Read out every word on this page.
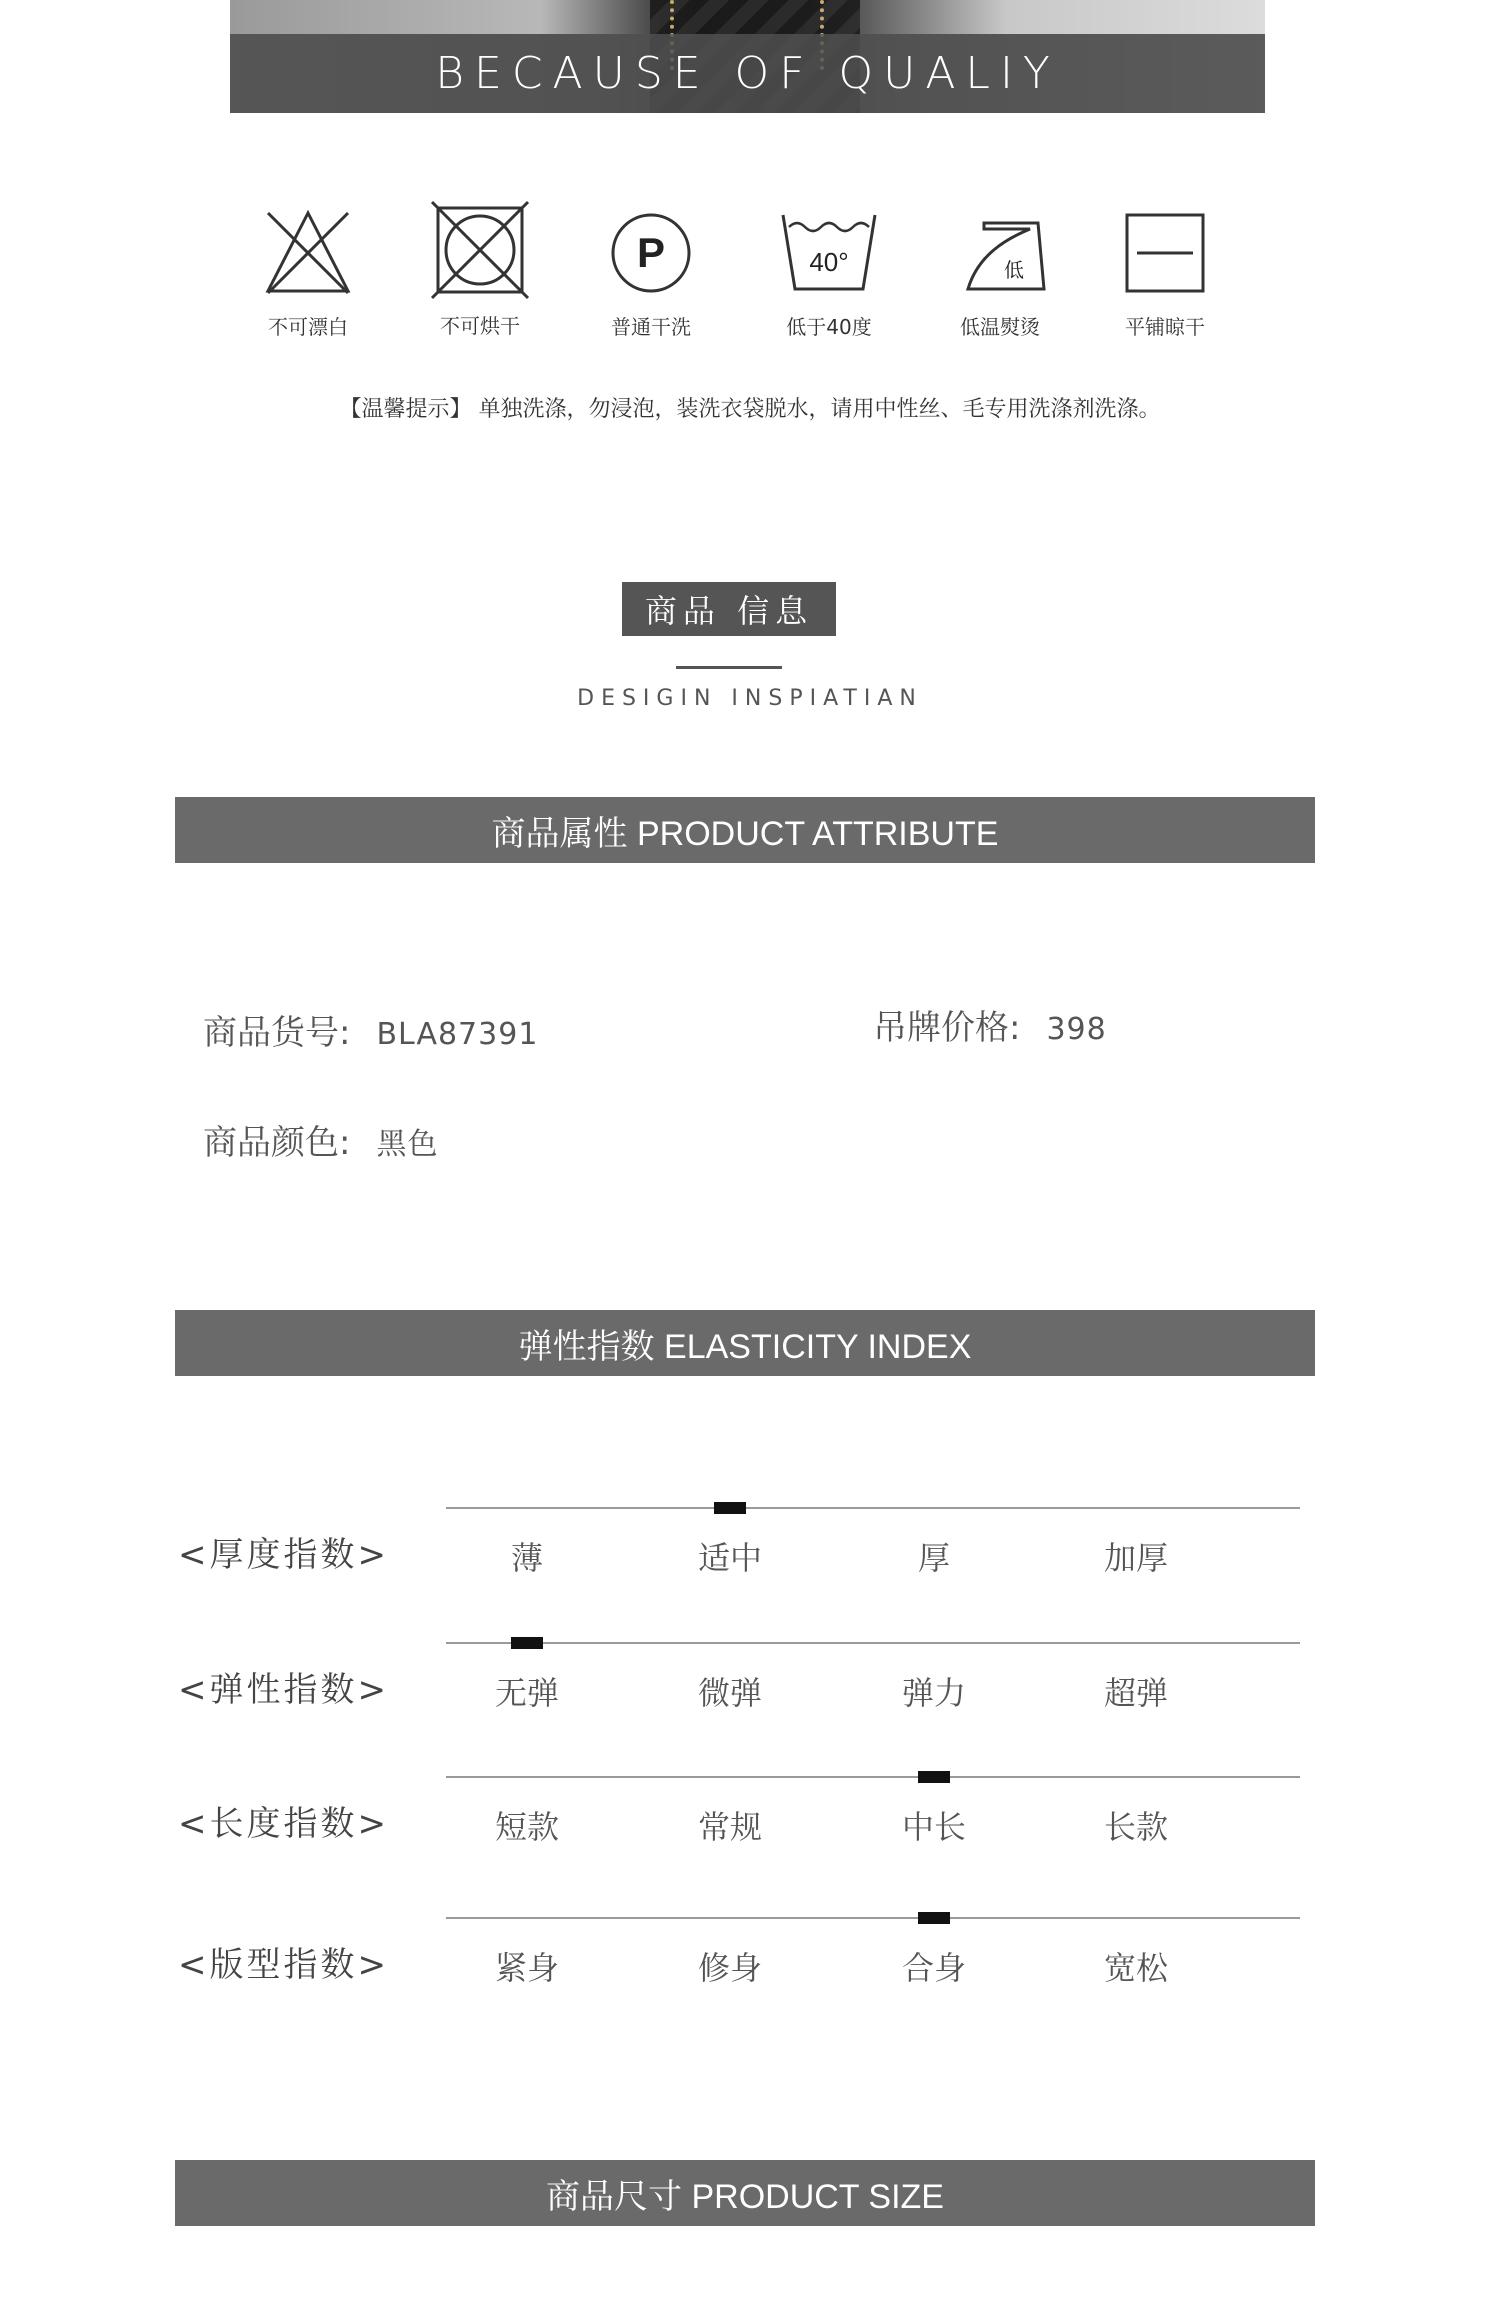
BECAUSE OF QUALIY
不可漂白	不可烘干
P
普通干洗
40°
低于40度
低
低温熨烫	平铺晾干
【温馨提示】 单独洗涤，勿浸泡，装洗衣袋脱水，请用中性丝、毛专用洗涤剂洗涤。
商品 信息
DESIGIN INSPIATIAN
商品属性 PRODUCT ATTRIBUTE
商品货号: BLA87391	吊牌价格: 398
商品颜色: 黑色
弹性指数 ELASTICITY INDEX
<厚度指数>	薄	适中	厚	加厚
<弹性指数>	无弹	微弹	弹力	超弹
<长度指数>	短款	常规	中长	长款
<版型指数>	紧身	修身	合身	宽松
商品尺寸 PRODUCT SIZE
